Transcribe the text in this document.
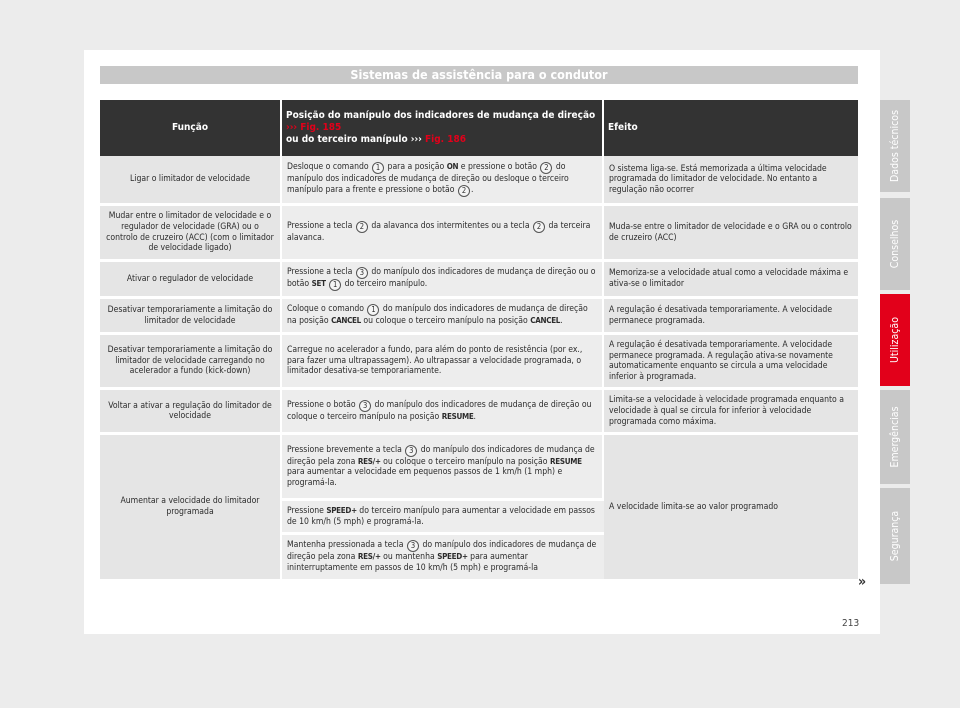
Sistemas de assistência para o condutor
Função	Posição do manípulo dos indicadores de mudança de direção
››› Fig. 185
ou do terceiro manípulo ››› Fig. 186	Efeito
Ligar o limitador de velocidade	Desloque o comando 1 para a posição ON e pressione o botão 2 do manípulo dos indicadores de mudança de direção ou desloque o terceiro manípulo para a frente e pressione o botão 2 .	O sistema liga-se. Está memorizada a última velocidade programada do limitador de velocidade. No entanto a regulação não ocorrer
Mudar entre o limitador de velocidade e o regulador de velocidade (GRA) ou o controlo de cruzeiro (ACC) (com o limitador de velocidade ligado)	Pressione a tecla 2 da alavanca dos intermitentes ou a tecla 2 da terceira alavanca.	Muda-se entre o limitador de velocidade e o GRA ou o controlo de cruzeiro (ACC)
Ativar o regulador de velocidade	Pressione a tecla 3 do manípulo dos indicadores de mudança de direção ou o botão SET 1 do terceiro manípulo.	Memoriza-se a velocidade atual como a velocidade máxima e ativa-se o limitador
Desativar temporariamente a limitação do limitador de velocidade	Coloque o comando 1 do manípulo dos indicadores de mudança de direção na posição CANCEL ou coloque o terceiro manípulo na posição CANCEL.	A regulação é desativada temporariamente. A velocidade permanece programada.
Desativar temporariamente a limitação do limitador de velocidade carregando no acelerador a fundo (kick-down)	Carregue no acelerador a fundo, para além do ponto de resistência (por ex., para fazer uma ultrapassagem). Ao ultrapassar a velocidade programada, o limitador desativa-se temporariamente.	A regulação é desativada temporariamente. A velocidade permanece programada. A regulação ativa-se novamente automaticamente enquanto se circula a uma velocidade inferior à programada.
Voltar a ativar a regulação do limitador de velocidade	Pressione o botão 3 do manípulo dos indicadores de mudança de direção ou coloque o terceiro manípulo na posição RESUME.	Limita-se a velocidade à velocidade programada enquanto a velocidade à qual se circula for inferior à velocidade programada como máxima.
Aumentar a velocidade do limitador programada	Pressione brevemente a tecla 3 do manípulo dos indicadores de mudança de direção pela zona RES/+ ou coloque o terceiro manípulo na posição RESUME para aumentar a velocidade em pequenos passos de 1 km/h (1 mph) e programá-la.	A velocidade limita-se ao valor programado
	Pressione SPEED+ do terceiro manípulo para aumentar a velocidade em passos de 10 km/h (5 mph) e programá-la.	
	Mantenha pressionada a tecla 3 do manípulo dos indicadores de mudança de direção pela zona RES/+ ou mantenha SPEED+ para aumentar ininterruptamente em passos de 10 km/h (5 mph) e programá-la	
Dados técnicos
Conselhos
Utilização
Emergências
Segurança
»
213
